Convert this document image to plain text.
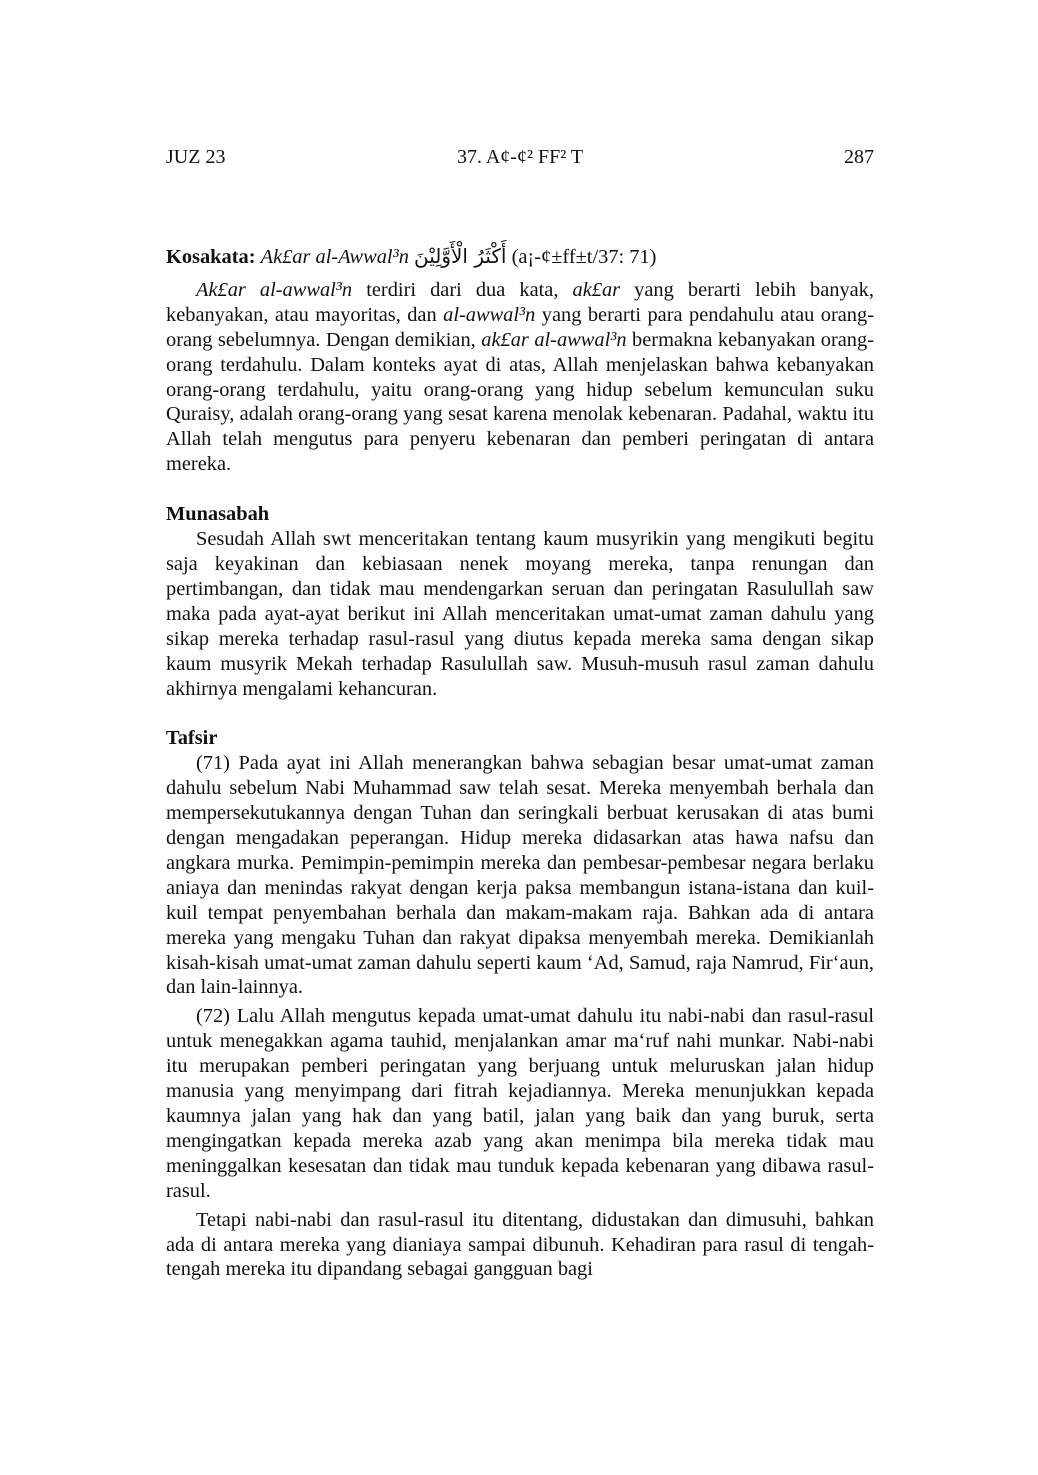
37. A¢-¢² FF² T
JUZ 23	287
Kosakata: Ak£ar al-Awwal³n أَكْثَرُ الْأَوَّلِيْنَ (a¡-¢±ff±t/37: 71)

Ak£ar al-awwal³n terdiri dari dua kata, ak£ar yang berarti lebih banyak, kebanyakan, atau mayoritas, dan al-awwal³n yang berarti para pendahulu atau orang-orang sebelumnya. Dengan demikian, ak£ar al-awwal³n bermakna kebanyakan orang-orang terdahulu. Dalam konteks ayat di atas, Allah menjelaskan bahwa kebanyakan orang-orang terdahulu, yaitu orang-orang yang hidup sebelum kemunculan suku Quraisy, adalah orang-orang yang sesat karena menolak kebenaran. Padahal, waktu itu Allah telah mengutus para penyeru kebenaran dan pemberi peringatan di antara mereka.

Munasabah

Sesudah Allah swt menceritakan tentang kaum musyrikin yang mengikuti begitu saja keyakinan dan kebiasaan nenek moyang mereka, tanpa renungan dan pertimbangan, dan tidak mau mendengarkan seruan dan peringatan Rasulullah saw maka pada ayat-ayat berikut ini Allah menceritakan umat-umat zaman dahulu yang sikap mereka terhadap rasul-rasul yang diutus kepada mereka sama dengan sikap kaum musyrik Mekah terhadap Rasulullah saw. Musuh-musuh rasul zaman dahulu akhirnya mengalami kehancuran.

Tafsir

(71) Pada ayat ini Allah menerangkan bahwa sebagian besar umat-umat zaman dahulu sebelum Nabi Muhammad saw telah sesat. Mereka menyembah berhala dan mempersekutukannya dengan Tuhan dan seringkali berbuat kerusakan di atas bumi dengan mengadakan peperangan. Hidup mereka didasarkan atas hawa nafsu dan angkara murka. Pemimpin-pemimpin mereka dan pembesar-pembesar negara berlaku aniaya dan menindas rakyat dengan kerja paksa membangun istana-istana dan kuil-kuil tempat penyembahan berhala dan makam-makam raja. Bahkan ada di antara mereka yang mengaku Tuhan dan rakyat dipaksa menyembah mereka. Demikianlah kisah-kisah umat-umat zaman dahulu seperti kaum ‘Ad, Samud, raja Namrud, Fir‘aun, dan lain-lainnya.

(72) Lalu Allah mengutus kepada umat-umat dahulu itu nabi-nabi dan rasul-rasul untuk menegakkan agama tauhid, menjalankan amar ma‘ruf nahi munkar. Nabi-nabi itu merupakan pemberi peringatan yang berjuang untuk meluruskan jalan hidup manusia yang menyimpang dari fitrah kejadiannya. Mereka menunjukkan kepada kaumnya jalan yang hak dan yang batil, jalan yang baik dan yang buruk, serta mengingatkan kepada mereka azab yang akan menimpa bila mereka tidak mau meninggalkan kesesatan dan tidak mau tunduk kepada kebenaran yang dibawa rasul-rasul.

Tetapi nabi-nabi dan rasul-rasul itu ditentang, didustakan dan dimusuhi, bahkan ada di antara mereka yang dianiaya sampai dibunuh. Kehadiran para rasul di tengah-tengah mereka itu dipandang sebagai gangguan bagi
